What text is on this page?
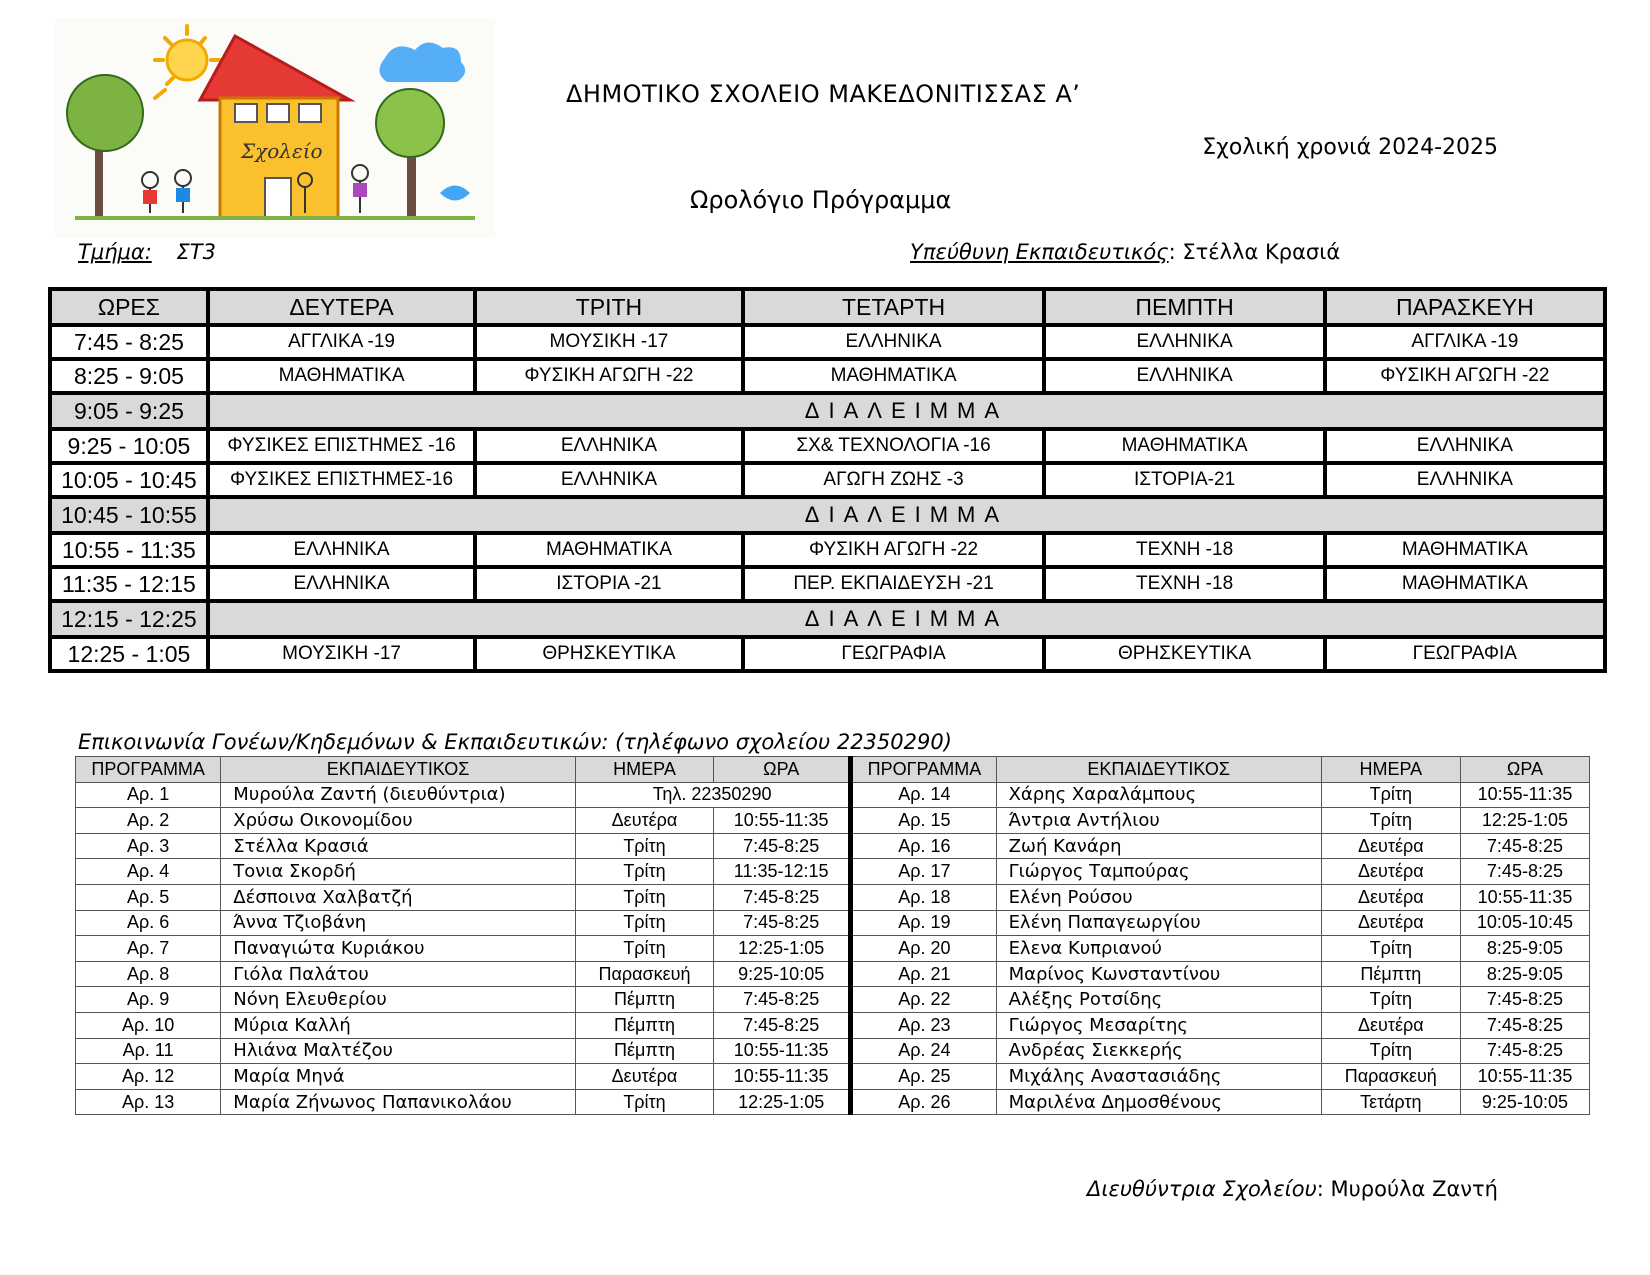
Σχολείο
ΔΗΜΟΤΙΚΟ ΣΧΟΛΕΙΟ ΜΑΚΕΔΟΝΙΤΙΣΣΑΣ Α’
Σχολική χρονιά 2024-2025
Ωρολόγιο Πρόγραμμα
Τμήμα: ΣΤ3	Υπεύθυνη Εκπαιδευτικός: Στέλλα Κρασιά
ΩΡΕΣ	ΔΕΥΤΕΡΑ	ΤΡΙΤΗ	ΤΕΤΑΡΤΗ	ΠΕΜΠΤΗ	ΠΑΡΑΣΚΕΥΗ
7:45 - 8:25	ΑΓΓΛΙΚΑ -19	ΜΟΥΣΙΚΗ -17	ΕΛΛΗΝΙΚΑ	ΕΛΛΗΝΙΚΑ	ΑΓΓΛΙΚΑ -19
8:25 - 9:05	ΜΑΘΗΜΑΤΙΚΑ	ΦΥΣΙΚΗ ΑΓΩΓΗ -22	ΜΑΘΗΜΑΤΙΚΑ	ΕΛΛΗΝΙΚΑ	ΦΥΣΙΚΗ ΑΓΩΓΗ -22
9:05 - 9:25	ΔΙΑΛΕΙΜΜΑ				
9:25 - 10:05	ΦΥΣΙΚΕΣ ΕΠΙΣΤΗΜΕΣ -16	ΕΛΛΗΝΙΚΑ	ΣΧ& ΤΕΧΝΟΛΟΓΙΑ -16	ΜΑΘΗΜΑΤΙΚΑ	ΕΛΛΗΝΙΚΑ
10:05 - 10:45	ΦΥΣΙΚΕΣ ΕΠΙΣΤΗΜΕΣ-16	ΕΛΛΗΝΙΚΑ	ΑΓΩΓΗ ΖΩΗΣ -3	ΙΣΤΟΡΙΑ-21	ΕΛΛΗΝΙΚΑ
10:45 - 10:55	ΔΙΑΛΕΙΜΜΑ				
10:55 - 11:35	ΕΛΛΗΝΙΚΑ	ΜΑΘΗΜΑΤΙΚΑ	ΦΥΣΙΚΗ ΑΓΩΓΗ -22	ΤΕΧΝΗ -18	ΜΑΘΗΜΑΤΙΚΑ
11:35 - 12:15	ΕΛΛΗΝΙΚΑ	ΙΣΤΟΡΙΑ -21	ΠΕΡ. ΕΚΠΑΙΔΕΥΣΗ -21	ΤΕΧΝΗ -18	ΜΑΘΗΜΑΤΙΚΑ
12:15 - 12:25	ΔΙΑΛΕΙΜΜΑ				
12:25 - 1:05	ΜΟΥΣΙΚΗ -17	ΘΡΗΣΚΕΥΤΙΚΑ	ΓΕΩΓΡΑΦΙΑ	ΘΡΗΣΚΕΥΤΙΚΑ	ΓΕΩΓΡΑΦΙΑ
Επικοινωνία Γονέων/Κηδεμόνων & Εκπαιδευτικών: (τηλέφωνο σχολείου 22350290)
ΠΡΟΓΡΑΜΜΑ	ΕΚΠΑΙΔΕΥΤΙΚΟΣ	ΗΜΕΡΑ	ΩΡΑ	ΠΡΟΓΡΑΜΜΑ	ΕΚΠΑΙΔΕΥΤΙΚΟΣ	ΗΜΕΡΑ	ΩΡΑ
Αρ. 1	Μυρούλα Ζαντή (διευθύντρια)	Τηλ. 22350290		Αρ. 14	Χάρης Χαραλάμπους	Τρίτη	10:55-11:35
Αρ. 2	Χρύσω Οικονομίδου	Δευτέρα	10:55-11:35	Αρ. 15	Άντρια Αντήλιου	Τρίτη	12:25-1:05
Αρ. 3	Στέλλα Κρασιά	Τρίτη	7:45-8:25	Αρ. 16	Ζωή Κανάρη	Δευτέρα	7:45-8:25
Αρ. 4	Τονια Σκορδή	Τρίτη	11:35-12:15	Αρ. 17	Γιώργος Ταμπούρας	Δευτέρα	7:45-8:25
Αρ. 5	Δέσποινα Χαλβατζή	Τρίτη	7:45-8:25	Αρ. 18	Ελένη Ρούσου	Δευτέρα	10:55-11:35
Αρ. 6	Άννα Τζιοβάνη	Τρίτη	7:45-8:25	Αρ. 19	Ελένη Παπαγεωργίου	Δευτέρα	10:05-10:45
Αρ. 7	Παναγιώτα Κυριάκου	Τρίτη	12:25-1:05	Αρ. 20	Ελενα Κυπριανού	Τρίτη	8:25-9:05
Αρ. 8	Γιόλα Παλάτου	Παρασκευή	9:25-10:05	Αρ. 21	Μαρίνος Κωνσταντίνου	Πέμπτη	8:25-9:05
Αρ. 9	Νόνη Ελευθερίου	Πέμπτη	7:45-8:25	Αρ. 22	Αλέξης Ροτσίδης	Τρίτη	7:45-8:25
Αρ. 10	Μύρια Καλλή	Πέμπτη	7:45-8:25	Αρ. 23	Γιώργος Μεσαρίτης	Δευτέρα	7:45-8:25
Αρ. 11	Ηλιάνα Μαλτέζου	Πέμπτη	10:55-11:35	Αρ. 24	Ανδρέας Σιεκκερής	Τρίτη	7:45-8:25
Αρ. 12	Μαρία Μηνά	Δευτέρα	10:55-11:35	Αρ. 25	Μιχάλης Αναστασιάδης	Παρασκευή	10:55-11:35
Αρ. 13	Μαρία Ζήνωνος Παπανικολάου	Τρίτη	12:25-1:05	Αρ. 26	Μαριλένα Δημοσθένους	Τετάρτη	9:25-10:05
Διευθύντρια Σχολείου: Μυρούλα Ζαντή
